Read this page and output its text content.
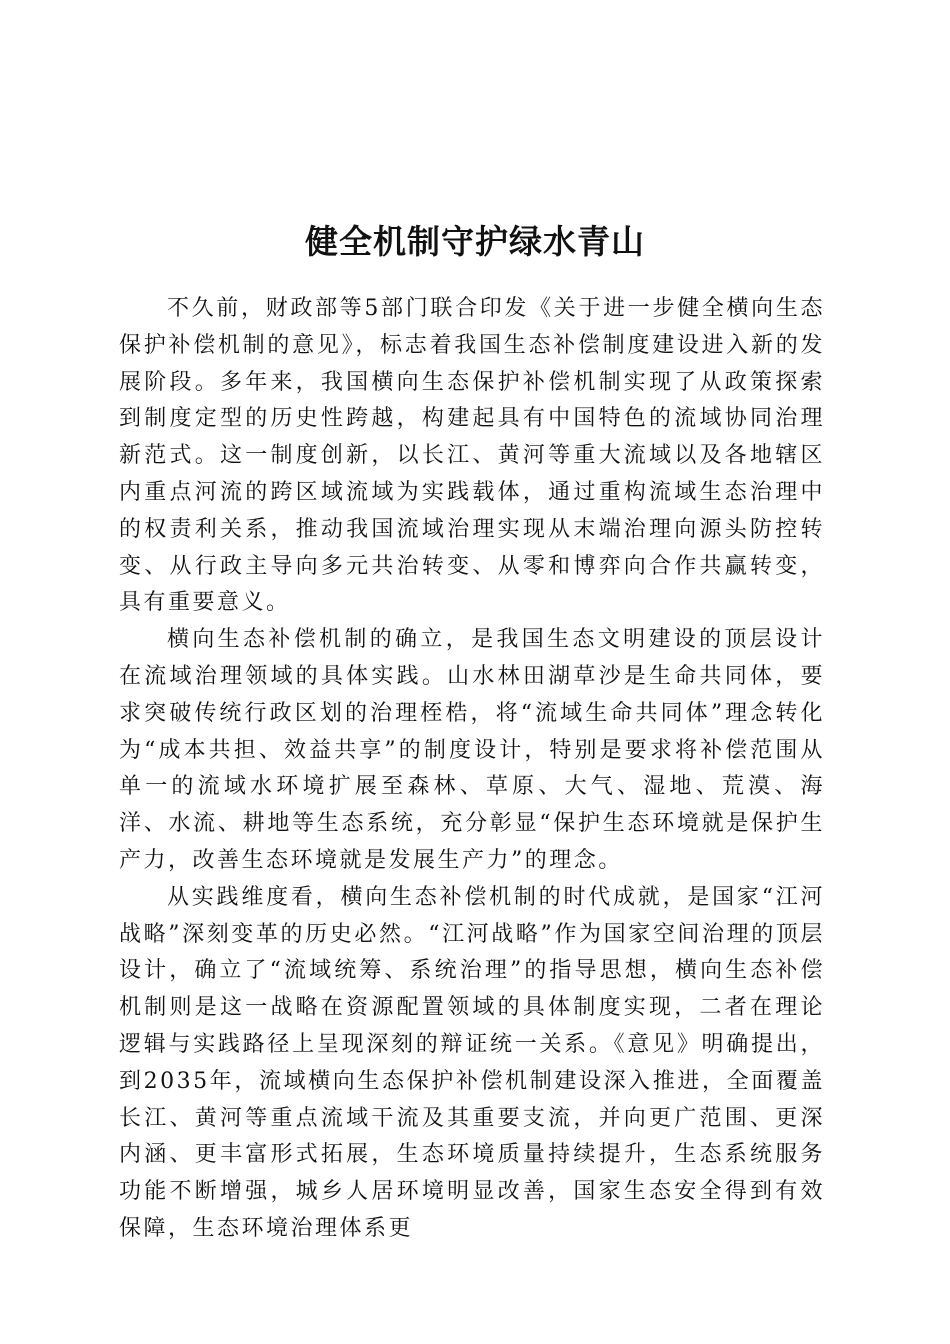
健全机制守护绿水青山

不久前，财政部等5部门联合印发《关于进一步健全横向生态保护补偿机制的意见》，标志着我国生态补偿制度建设进入新的发展阶段。多年来，我国横向生态保护补偿机制实现了从政策探索到制度定型的历史性跨越，构建起具有中国特色的流域协同治理新范式。这一制度创新，以长江、黄河等重大流域以及各地辖区内重点河流的跨区域流域为实践载体，通过重构流域生态治理中的权责利关系，推动我国流域治理实现从末端治理向源头防控转变、从行政主导向多元共治转变、从零和博弈向合作共赢转变，具有重要意义。

横向生态补偿机制的确立，是我国生态文明建设的顶层设计在流域治理领域的具体实践。山水林田湖草沙是生命共同体，要求突破传统行政区划的治理桎梏，将“流域生命共同体”理念转化为“成本共担、效益共享”的制度设计，特别是要求将补偿范围从单一的流域水环境扩展至森林、草原、大气、湿地、荒漠、海洋、水流、耕地等生态系统，充分彰显“保护生态环境就是保护生产力，改善生态环境就是发展生产力”的理念。

从实践维度看，横向生态补偿机制的时代成就，是国家“江河战略”深刻变革的历史必然。“江河战略”作为国家空间治理的顶层设计，确立了“流域统筹、系统治理”的指导思想，横向生态补偿机制则是这一战略在资源配置领域的具体制度实现，二者在理论逻辑与实践路径上呈现深刻的辩证统一关系。《意见》明确提出，到2035年，流域横向生态保护补偿机制建设深入推进，全面覆盖长江、黄河等重点流域干流及其重要支流，并向更广范围、更深内涵、更丰富形式拓展，生态环境质量持续提升，生态系统服务功能不断增强，城乡人居环境明显改善，国家生态安全得到有效保障，生态环境治理体系更
